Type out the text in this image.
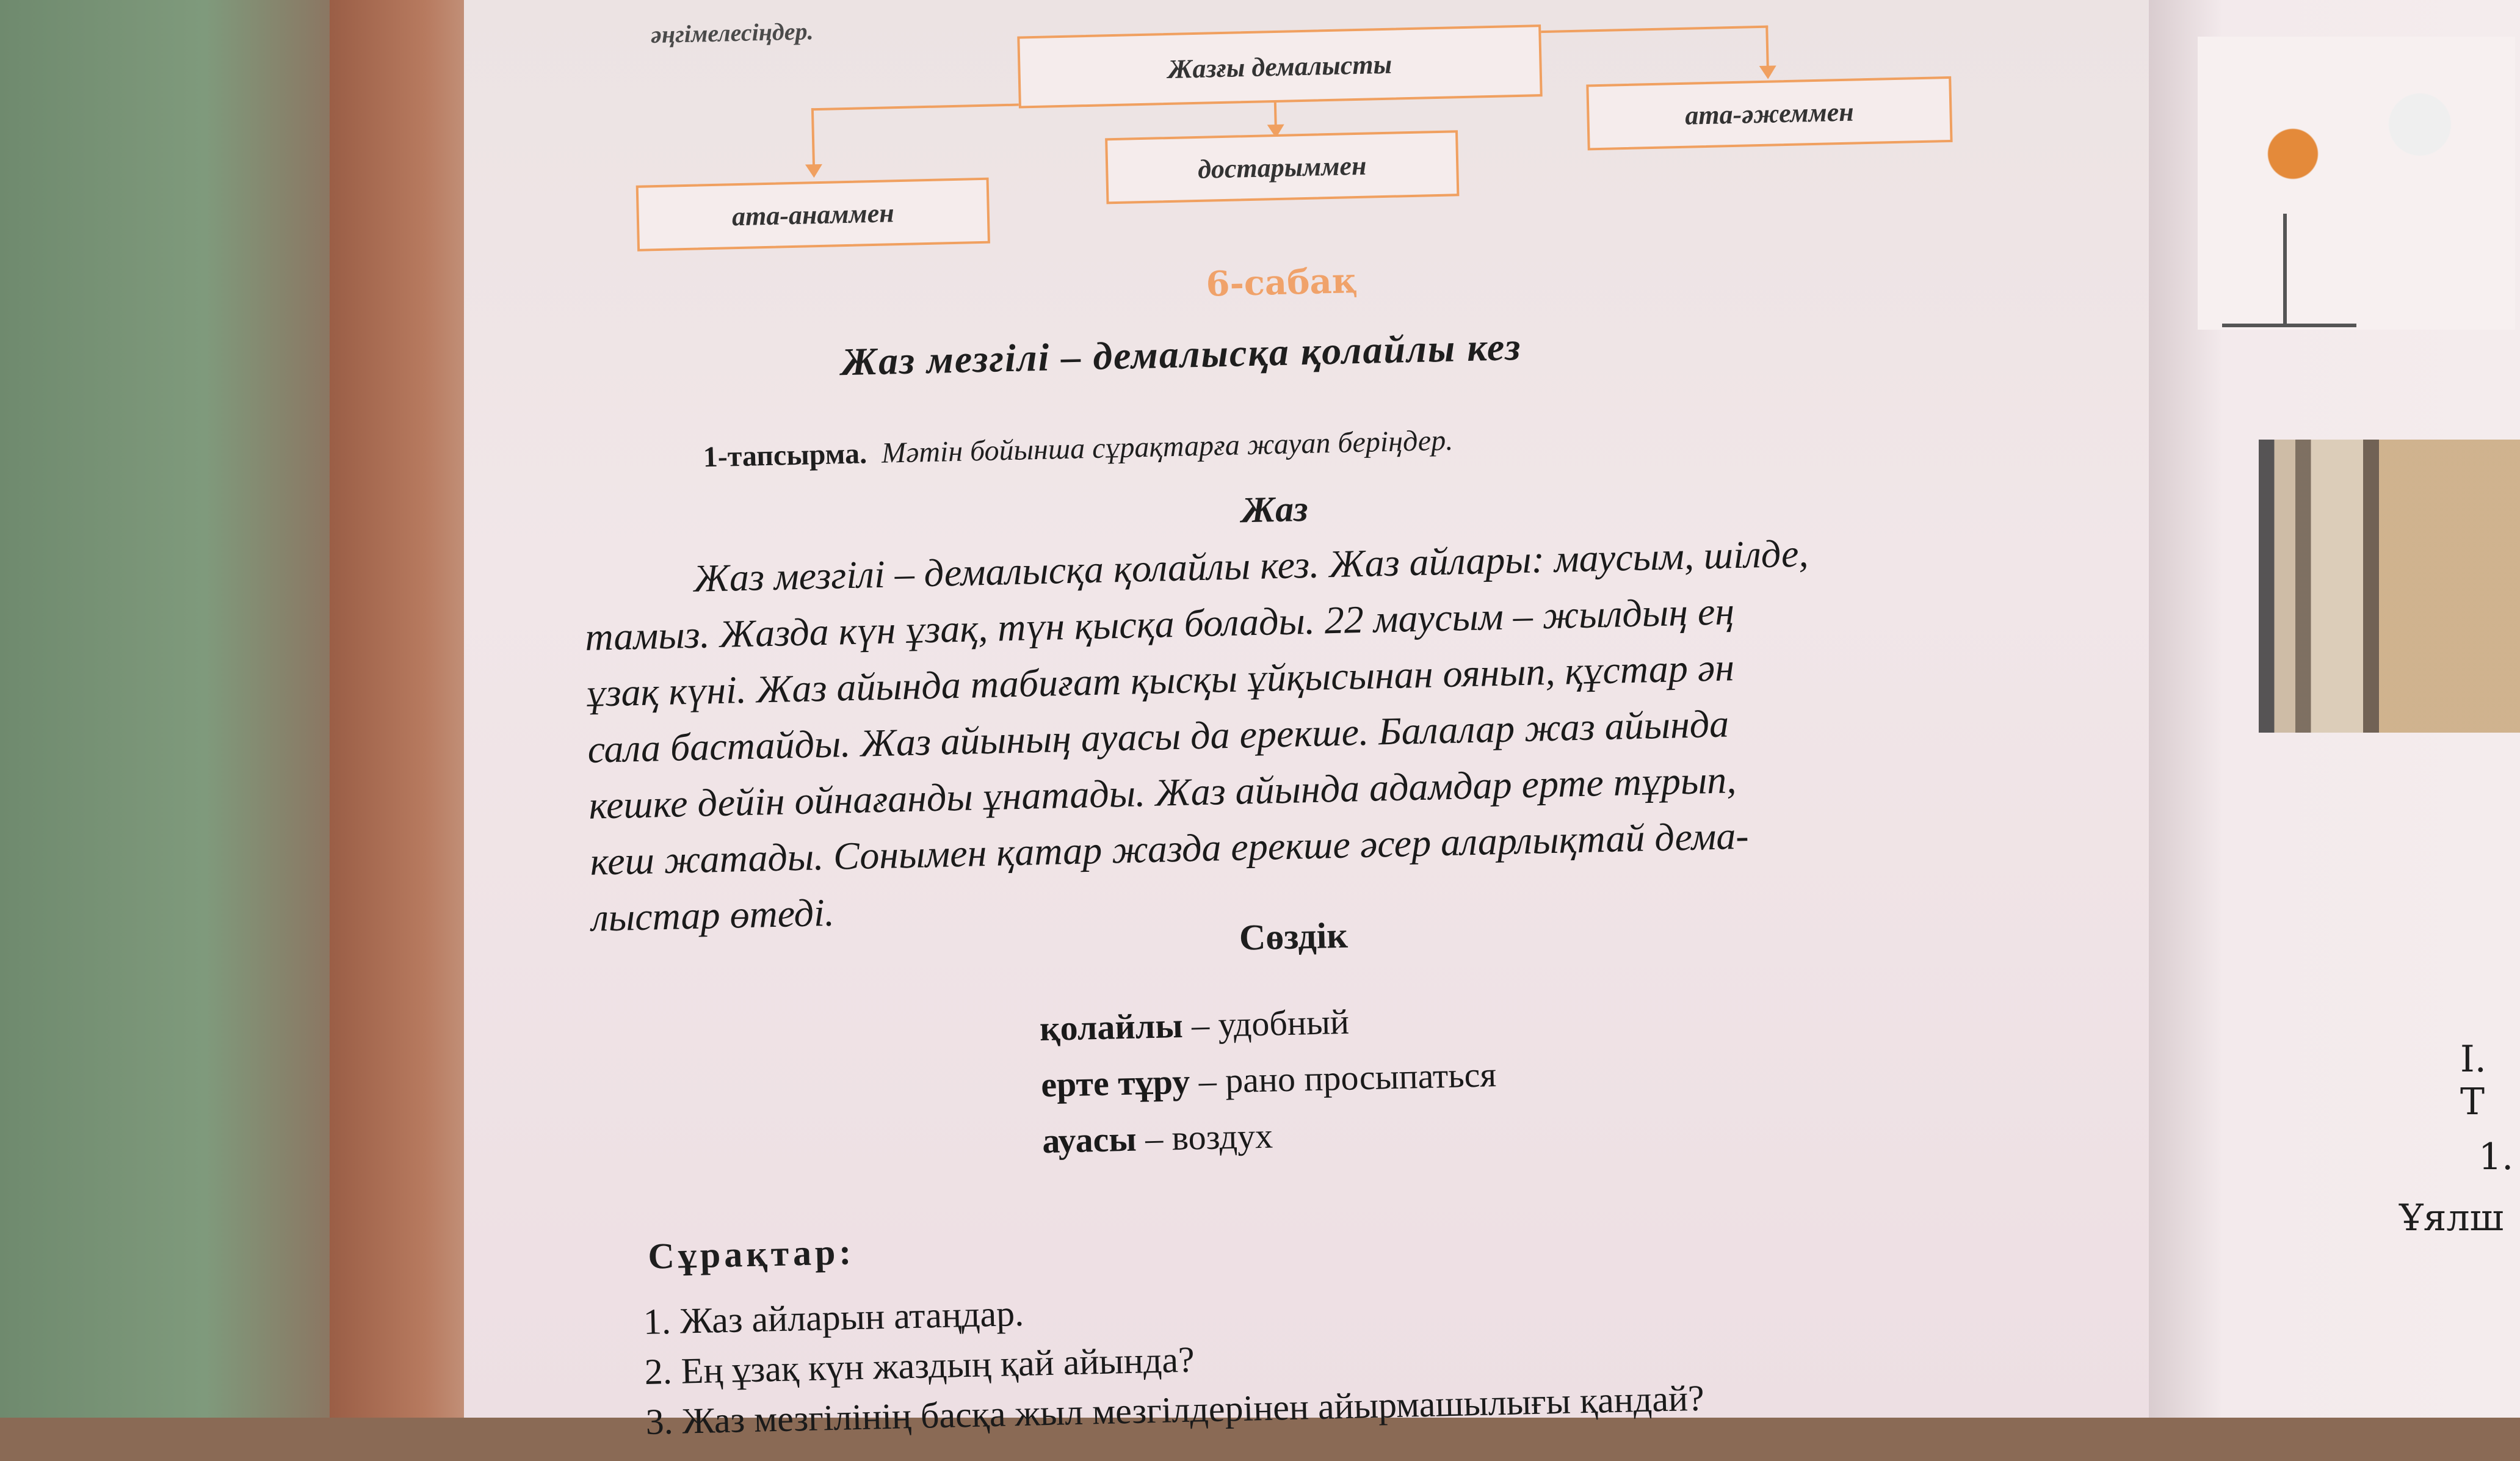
I. Т
1.
Ұялш
әңгімелесіңдер.
Жазғы демалысты
ата-анаммен
достарыммен
ата-әжеммен
6-сабақ
Жаз мезгілі – демалысқа қолайлы кез
1-тапсырма. Мәтін бойынша сұрақтарға жауап беріңдер.
Жаз
Жаз мезгілі – демалысқа қолайлы кез. Жаз айлары: маусым, шілде,
тамыз. Жазда күн ұзақ, түн қысқа болады. 22 маусым – жылдың ең
ұзақ күні. Жаз айында табиғат қысқы ұйқысынан оянып, құстар ән
сала бастайды. Жаз айының ауасы да ерекше. Балалар жаз айында
кешке дейін ойнағанды ұнатады. Жаз айында адамдар ерте тұрып,
кеш жатады. Сонымен қатар жазда ерекше әсер аларлықтай дема-
лыстар өтеді.	Сөздік
қолайлы – удобный
ерте тұру – рано просыпаться
ауасы – воздух
Сұрақтар:
1. Жаз айларын атаңдар.
2. Ең ұзақ күн жаздың қай айында?
3. Жаз мезгілінің басқа жыл мезгілдерінен айырмашылығы қандай?
